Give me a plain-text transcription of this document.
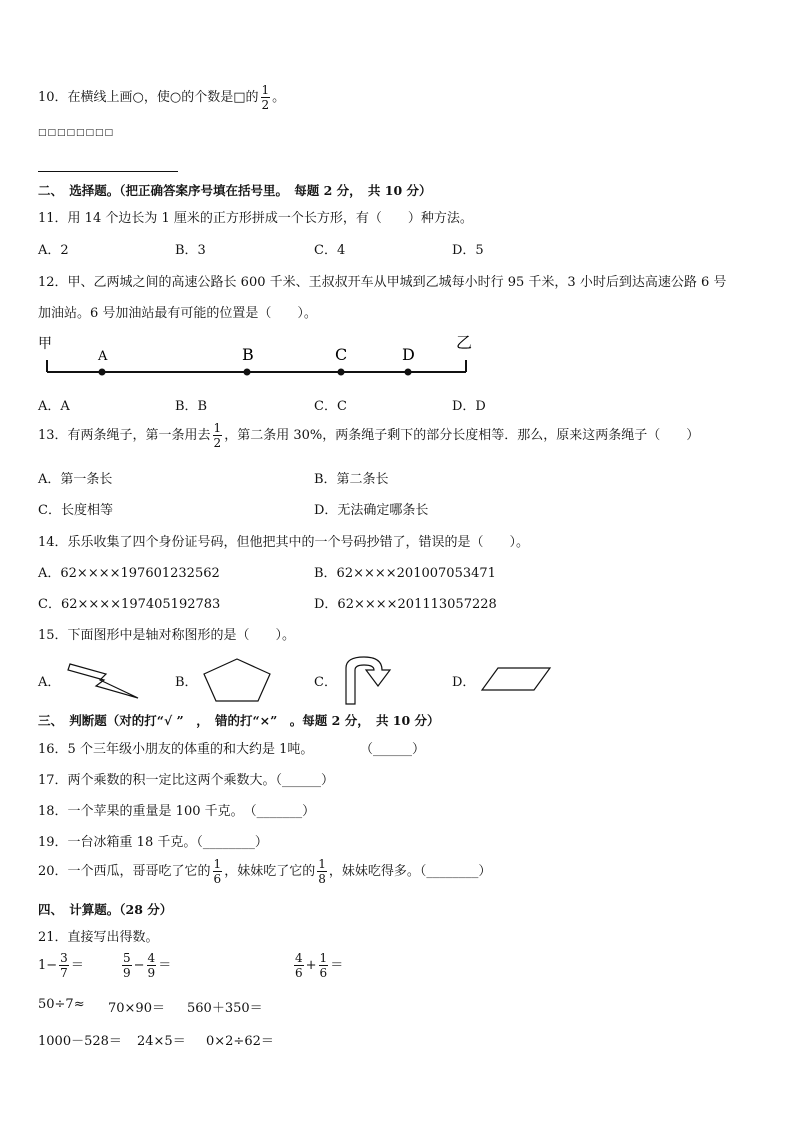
10．在横线上画○，使○的个数是□的 $\frac{1}{2}$ 。
□□□□□□□□
二、　选择题。（把正确答案序号填在括号里。　每题 2 分，　共 10 分）
11．用 14 个边长为 1 厘米的正方形拼成一个长方形，有（　　）种方法。
A．2	B．3	C．4	D．5
12．甲、乙两城之间的高速公路长 600 千米、王叔叔开车从甲城到乙城每小时行 95 千米，3 小时后到达高速公路 6 号
加油站。6 号加油站最有可能的位置是（　　）。
甲	乙
A	B	C	D
A．A	B．B	C．C	D．D
13．有两条绳子，第一条用去 $\frac{1}{2}$ ，第二条用 30%，两条绳子剩下的部分长度相等．那么，原来这两条绳子（　　）
A．第一条长	B．第二条长
C．长度相等	D．无法确定哪条长
14．乐乐收集了四个身份证号码，但他把其中的一个号码抄错了，错误的是（　　）。
A．62××××197601232562	B．62××××201007053471
C．62××××197405192783	D．62××××201113057228
15．下面图形中是轴对称图形的是（　　）。
A．	B．	C．	D．
三、　判断题（对的打“√ ”　，　错的打“×”　。每题 2 分，　共 10 分）
16．5 个三年级小朋友的体重的和大约是 1吨。	（______）
17．两个乘数的积一定比这两个乘数大。（______）
18．一个苹果的重量是 100 千克。　（_______）
19．一台冰箱重 18 千克。（________）
20．一个西瓜，哥哥吃了它的 $\frac{1}{6}$ ，妹妹吃了它的 $\frac{1}{8}$ ，妹妹吃得多。（________）
四、　计算题。（28 分）
21．直接写出得数。
$1- \frac{3}{7}$ ＝	$\frac{5}{9} - \frac{4}{9}$ ＝	$\frac{4}{6} + \frac{1}{6}$ ＝
50÷7≈ 70×90＝ 560＋350＝
1000－528＝ 24×5＝ 0×2÷62＝
